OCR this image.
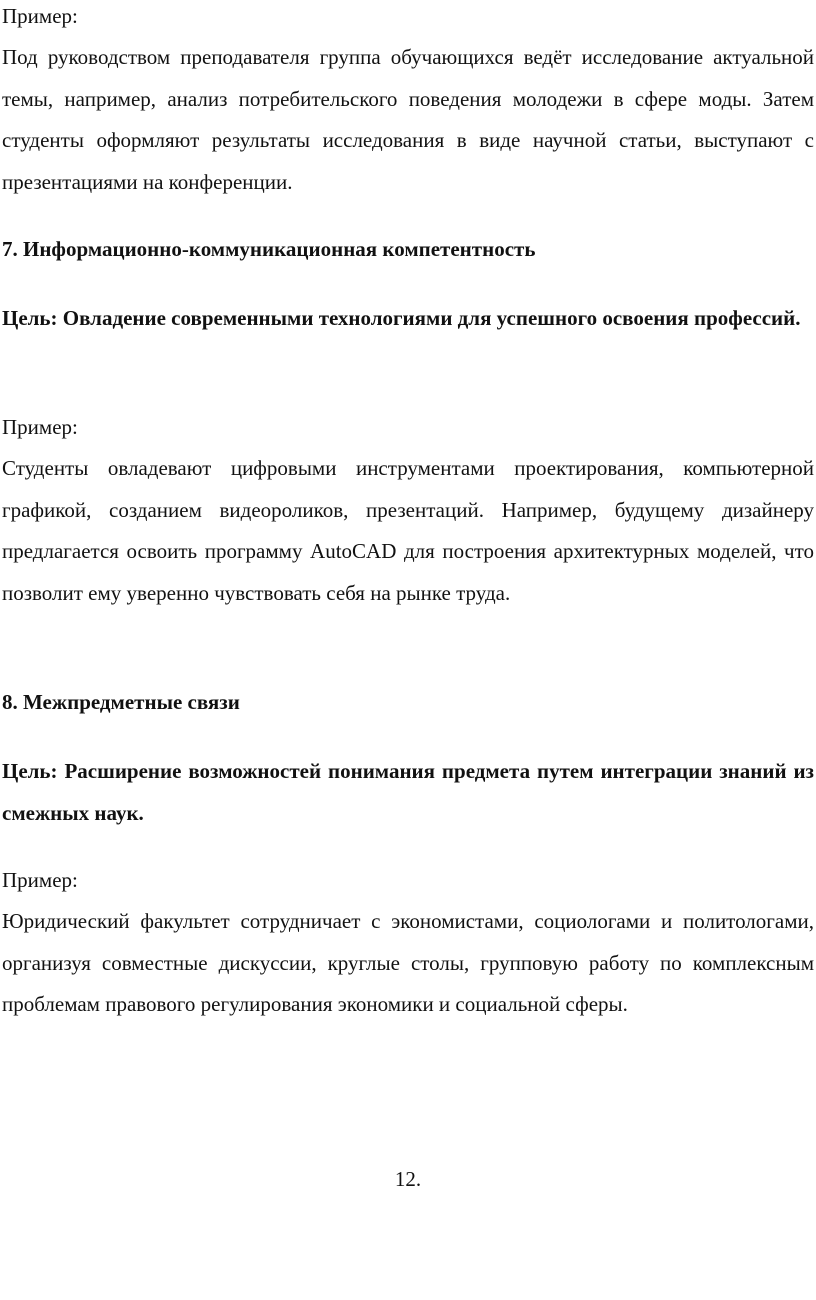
Пример:

Под руководством преподавателя группа обучающихся ведёт исследование актуальной темы, например, анализ потребительского поведения молодежи в сфере моды. Затем студенты оформляют результаты исследования в виде научной статьи, выступают с презентациями на конференции.

7. Информационно-коммуникационная компетентность

Цель: Овладение современными технологиями для успешного освоения профессий.

Пример:

Студенты овладевают цифровыми инструментами проектирования, компьютерной графикой, созданием видеороликов, презентаций. Например, будущему дизайнеру предлагается освоить программу AutoCAD для построения архитектурных моделей, что позволит ему уверенно чувствовать себя на рынке труда.

8. Межпредметные связи

Цель: Расширение возможностей понимания предмета путем интеграции знаний из смежных наук.

Пример:

Юридический факультет сотрудничает с экономистами, социологами и политологами, организуя совместные дискуссии, круглые столы, групповую работу по комплексным проблемам правового регулирования экономики и социальной сферы.

12.
